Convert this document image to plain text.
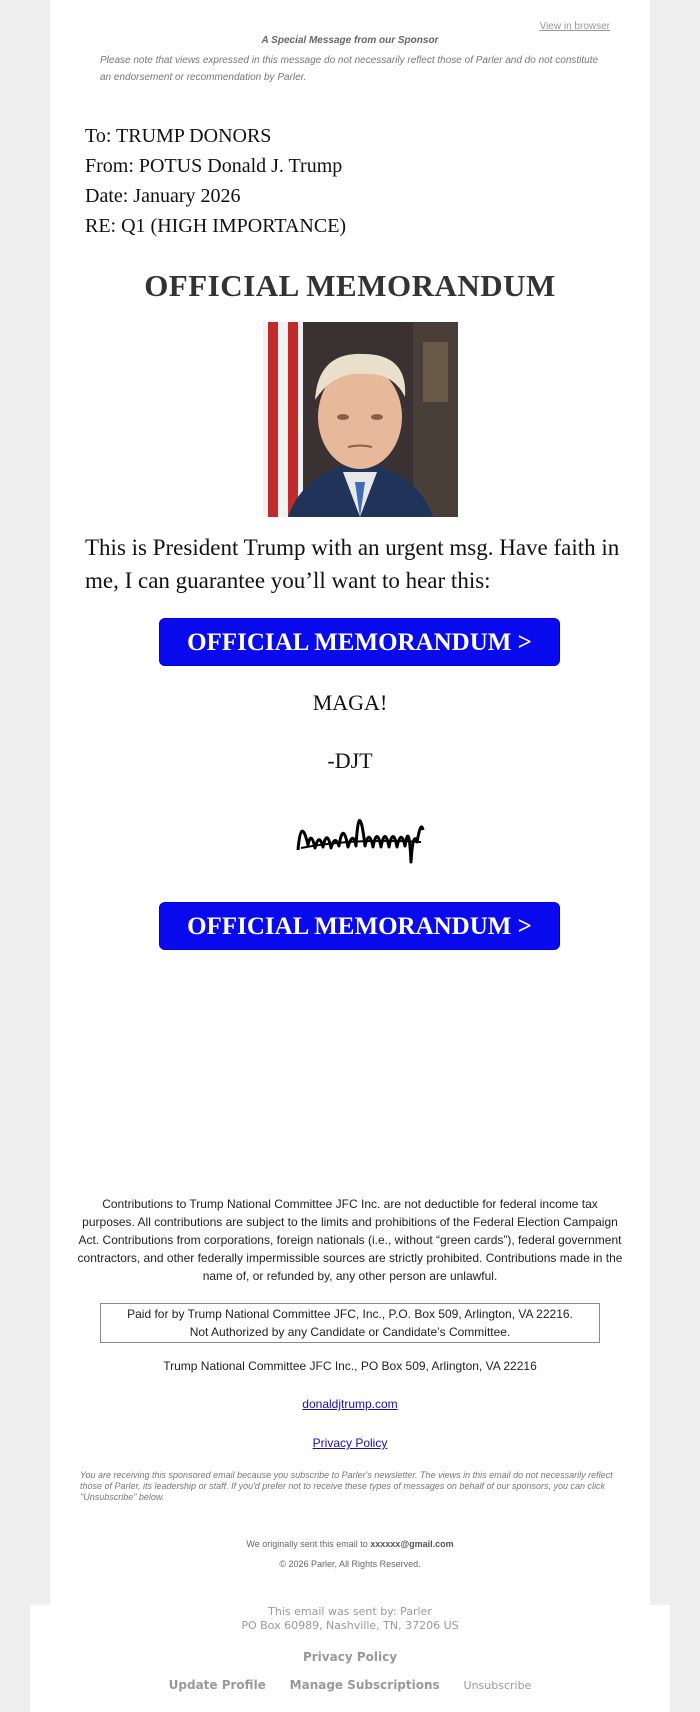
View in browser
A Special Message from our Sponsor
Please note that views expressed in this message do not necessarily reflect those of Parler and do not constitute an endorsement or recommendation by Parler.
To: TRUMP DONORS
From: POTUS Donald J. Trump
Date: January 2026
RE: Q1 (HIGH IMPORTANCE)
OFFICIAL MEMORANDUM
This is President Trump with an urgent msg. Have faith in me, I can guarantee you’ll want to hear this:
OFFICIAL MEMORANDUM >
MAGA!
-DJT
OFFICIAL MEMORANDUM >
Contributions to Trump National Committee JFC Inc. are not deductible for federal income tax purposes. All contributions are subject to the limits and prohibitions of the Federal Election Campaign Act. Contributions from corporations, foreign nationals (i.e., without “green cards”), federal government contractors, and other federally impermissible sources are strictly prohibited. Contributions made in the name of, or refunded by, any other person are unlawful.
Paid for by Trump National Committee JFC, Inc., P.O. Box 509, Arlington, VA 22216.
Not Authorized by any Candidate or Candidate’s Committee.
Trump National Committee JFC Inc., PO Box 509, Arlington, VA 22216
donaldjtrump.com
Privacy Policy
You are receiving this sponsored email because you subscribe to Parler's newsletter. The views in this email do not necessarily reflect those of Parler, its leadership or staff. If you'd prefer not to receive these types of messages on behalf of our sponsors, you can click "Unsubscribe" below.
We originally sent this email to xxxxxx@gmail.com
© 2026 Parler, All Rights Reserved.
This email was sent by: Parler
PO Box 60989, Nashville, TN, 37206 US
Privacy Policy
Update Profile Manage Subscriptions Unsubscribe
